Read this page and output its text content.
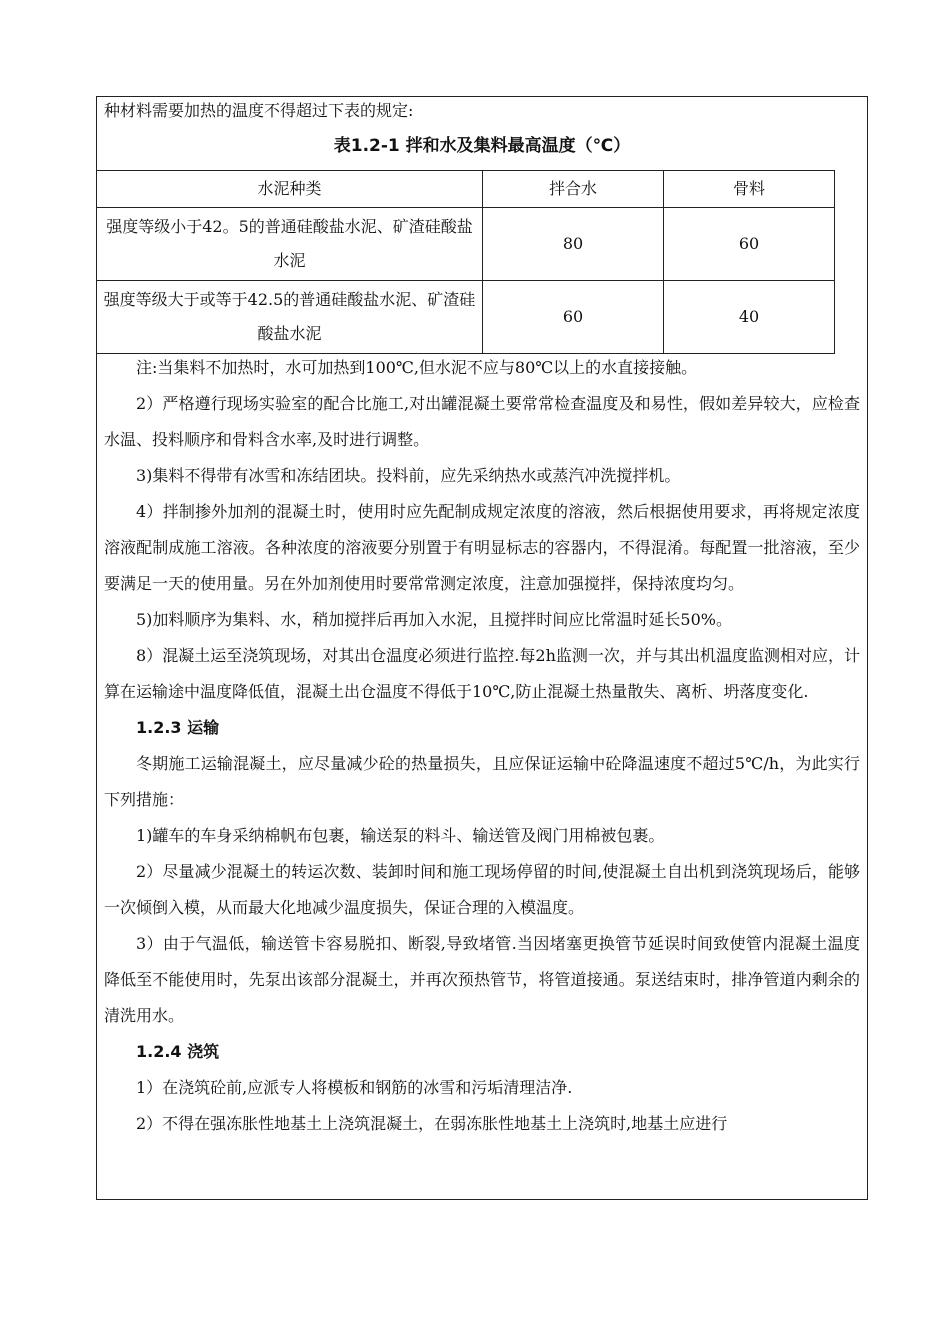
种材料需要加热的温度不得超过下表的规定:
表1.2-1 拌和水及集料最高温度（℃）
水泥种类	拌合水	骨料
强度等级小于42。5的普通硅酸盐水泥、矿渣硅酸盐水泥	80	60
强度等级大于或等于42.5的普通硅酸盐水泥、矿渣硅酸盐水泥	60	40

注:当集料不加热时，水可加热到100℃,但水泥不应与80℃以上的水直接接触。

2）严格遵行现场实验室的配合比施工,对出罐混凝土要常常检查温度及和易性，假如差异较大，应检查水温、投料顺序和骨料含水率,及时进行调整。

3)集料不得带有冰雪和冻结团块。投料前，应先采纳热水或蒸汽冲洗搅拌机。

4）拌制掺外加剂的混凝土时，使用时应先配制成规定浓度的溶液，然后根据使用要求，再将规定浓度溶液配制成施工溶液。各种浓度的溶液要分别置于有明显标志的容器内，不得混淆。每配置一批溶液，至少要满足一天的使用量。另在外加剂使用时要常常测定浓度，注意加强搅拌，保持浓度均匀。

5)加料顺序为集料、水，稍加搅拌后再加入水泥，且搅拌时间应比常温时延长50%。

8）混凝土运至浇筑现场，对其出仓温度必须进行监控.每2h监测一次，并与其出机温度监测相对应，计算在运输途中温度降低值，混凝土出仓温度不得低于10℃,防止混凝土热量散失、离析、坍落度变化.

1.2.3 运输

冬期施工运输混凝土，应尽量减少砼的热量损失，且应保证运输中砼降温速度不超过5℃/h，为此实行下列措施：

1)罐车的车身采纳棉帆布包裹，输送泵的料斗、输送管及阀门用棉被包裹。

2）尽量减少混凝土的转运次数、装卸时间和施工现场停留的时间,使混凝土自出机到浇筑现场后，能够一次倾倒入模，从而最大化地减少温度损失，保证合理的入模温度。

3）由于气温低，输送管卡容易脱扣、断裂,导致堵管.当因堵塞更换管节延误时间致使管内混凝土温度降低至不能使用时，先泵出该部分混凝土，并再次预热管节，将管道接通。泵送结束时，排净管道内剩余的清洗用水。

1.2.4 浇筑

1）在浇筑砼前,应派专人将模板和钢筋的冰雪和污垢清理洁净.

2）不得在强冻胀性地基土上浇筑混凝土，在弱冻胀性地基土上浇筑时,地基土应进行
